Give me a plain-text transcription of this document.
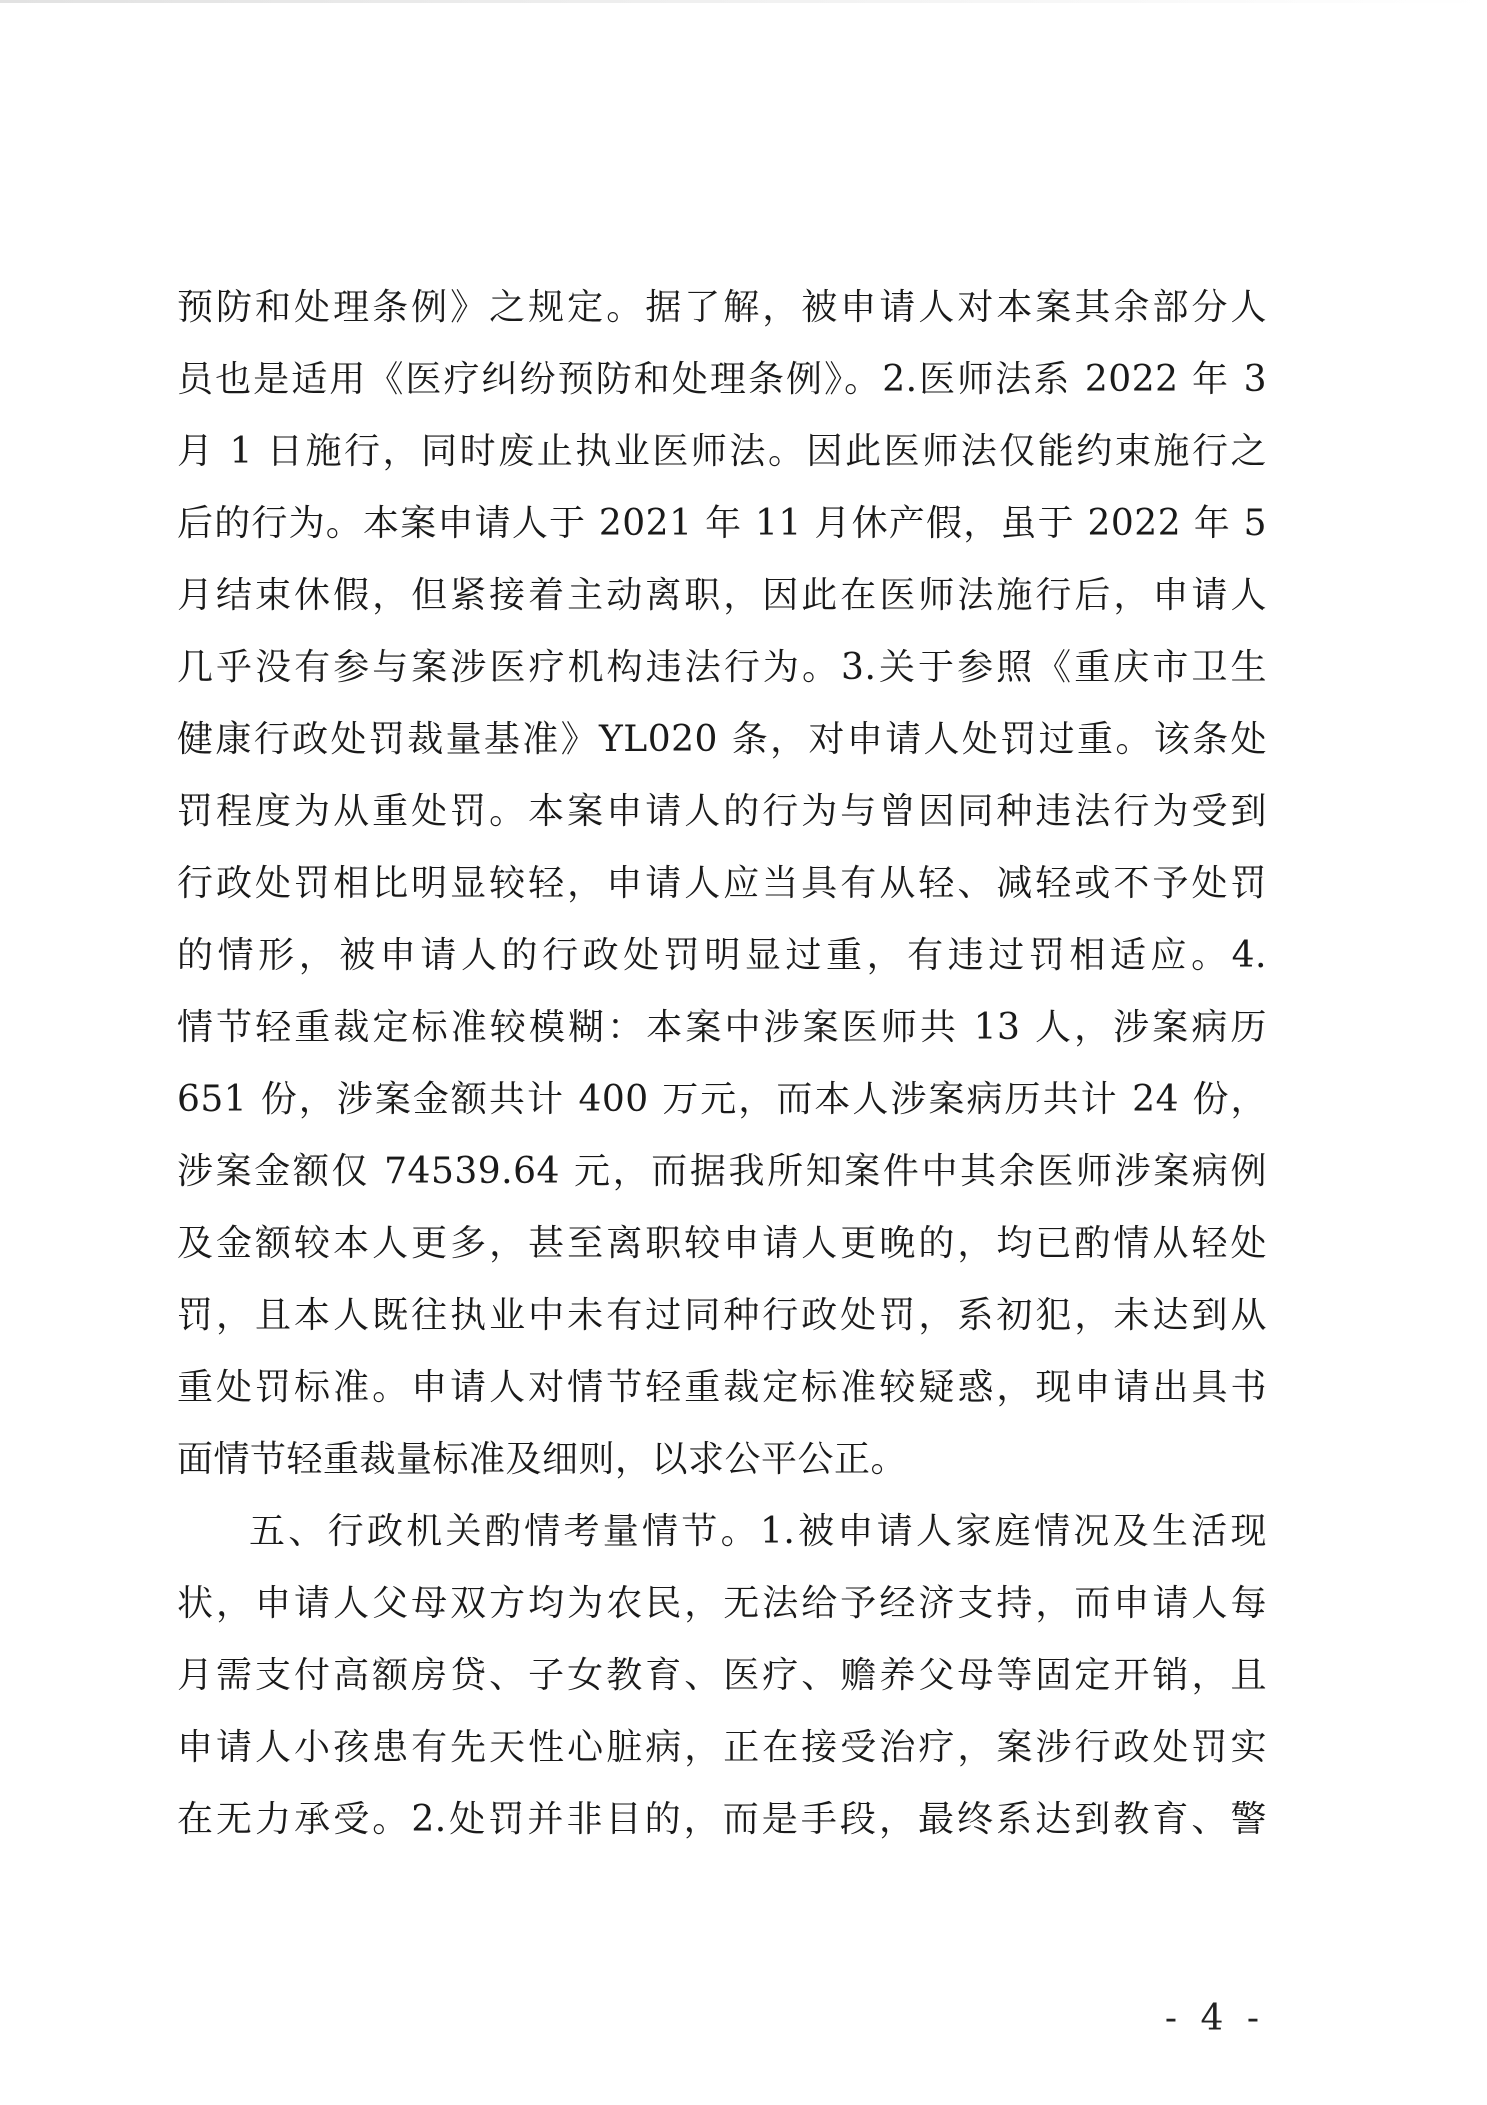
预防和处理条例》之规定。据了解，被申请人对本案其余部分人
员也是适用《医疗纠纷预防和处理条例》。2.医师法系 2022 年 3
月 1 日施行，同时废止执业医师法。因此医师法仅能约束施行之
后的行为。本案申请人于 2021 年 11 月休产假，虽于 2022 年 5
月结束休假，但紧接着主动离职，因此在医师法施行后，申请人
几乎没有参与案涉医疗机构违法行为。3.关于参照《重庆市卫生
健康行政处罚裁量基准》YL020 条，对申请人处罚过重。该条处
罚程度为从重处罚。本案申请人的行为与曾因同种违法行为受到
行政处罚相比明显较轻，申请人应当具有从轻、减轻或不予处罚
的情形，被申请人的行政处罚明显过重，有违过罚相适应。4.
情节轻重裁定标准较模糊：本案中涉案医师共 13 人，涉案病历
651 份，涉案金额共计 400 万元，而本人涉案病历共计 24 份，
涉案金额仅 74539.64 元，而据我所知案件中其余医师涉案病例
及金额较本人更多，甚至离职较申请人更晚的，均已酌情从轻处
罚，且本人既往执业中未有过同种行政处罚，系初犯，未达到从
重处罚标准。申请人对情节轻重裁定标准较疑惑，现申请出具书
面情节轻重裁量标准及细则，以求公平公正。
五、行政机关酌情考量情节。1.被申请人家庭情况及生活现
状，申请人父母双方均为农民，无法给予经济支持，而申请人每
月需支付高额房贷、子女教育、医疗、赡养父母等固定开销，且
申请人小孩患有先天性心脏病，正在接受治疗，案涉行政处罚实
在无力承受。2.处罚并非目的，而是手段，最终系达到教育、警
- 4 -
